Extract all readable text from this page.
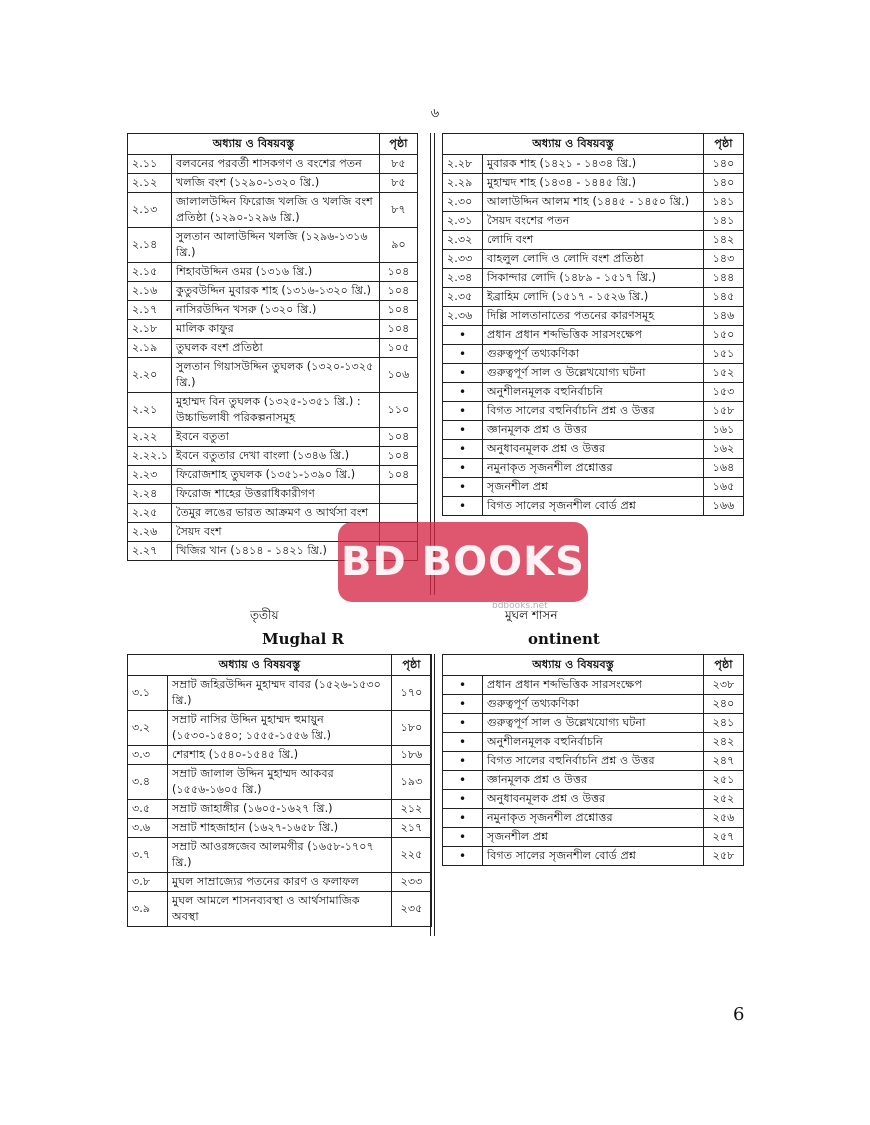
৬
অধ্যায় ও বিষয়বস্তু		পৃষ্ঠা
২.১১	বলবনের পরবর্তী শাসকগণ ও বংশের পতন	৮৫
২.১২	খলজি বংশ (১২৯০-১৩২০ খ্রি.)	৮৫
২.১৩	জালালউদ্দিন ফিরোজ খলজি ও খলজি বংশ প্রতিষ্ঠা (১২৯০-১২৯৬ খ্রি.)	৮৭
২.১৪	সুলতান আলাউদ্দিন খলজি (১২৯৬-১৩১৬ খ্রি.)	৯০
২.১৫	শিহাবউদ্দিন ওমর (১৩১৬ খ্রি.)	১০৪
২.১৬	কুতুবউদ্দিন মুবারক শাহ (১৩১৬-১৩২০ খ্রি.)	১০৪
২.১৭	নাসিরউদ্দিন খসরু (১৩২০ খ্রি.)	১০৪
২.১৮	মালিক কাফুর	১০৪
২.১৯	তুঘলক বংশ প্রতিষ্ঠা	১০৫
২.২০	সুলতান গিয়াসউদ্দিন তুঘলক (১৩২০-১৩২৫ খ্রি.)	১০৬
২.২১	মুহাম্মদ বিন তুঘলক (১৩২৫-১৩৫১ খ্রি.) : উচ্চাভিলাষী পরিকল্পনাসমূহ	১১০
২.২২	ইবনে বতুতা	১০৪
২.২২.১	ইবনে বতুতার দেখা বাংলা (১৩৪৬ খ্রি.)	১০৪
২.২৩	ফিরোজশাহ তুঘলক (১৩৫১-১৩৯০ খ্রি.)	১০৪
২.২৪	ফিরোজ শাহের উত্তরাধিকারীগণ	
২.২৫	তৈমুর লঙের ভারত আক্রমণ ও আর্থসা বংশ	
২.২৬	সৈয়দ বংশ	
২.২৭	খিজির খান (১৪১৪ - ১৪২১ খ্রি.)	
অধ্যায় ও বিষয়বস্তু		পৃষ্ঠা
২.২৮	মুবারক শাহ (১৪২১ - ১৪৩৪ খ্রি.)	১৪০
২.২৯	মুহাম্মদ শাহ (১৪৩৪ - ১৪৪৫ খ্রি.)	১৪০
২.৩০	আলাউদ্দিন আলম শাহ (১৪৪৫ - ১৪৫০ খ্রি.)	১৪১
২.৩১	সৈয়দ বংশের পতন	১৪১
২.৩২	লোদি বংশ	১৪২
২.৩৩	বাহলুল লোদি ও লোদি বংশ প্রতিষ্ঠা	১৪৩
২.৩৪	সিকান্দার লোদি (১৪৮৯ - ১৫১৭ খ্রি.)	১৪৪
২.৩৫	ইব্রাহিম লোদি (১৫১৭ - ১৫২৬ খ্রি.)	১৪৫
২.৩৬	দিল্লি সালতানাতের পতনের কারণসমূহ	১৪৬
•	প্রধান প্রধান শব্দভিত্তিক সারসংক্ষেপ	১৫০
•	গুরুত্বপূর্ণ তথ্যকণিকা	১৫১
•	গুরুত্বপূর্ণ সাল ও উল্লেখযোগ্য ঘটনা	১৫২
•	অনুশীলনমূলক বহুনির্বাচনি	১৫৩
•	বিগত সালের বহুনির্বাচনি প্রশ্ন ও উত্তর	১৫৮
•	জ্ঞানমূলক প্রশ্ন ও উত্তর	১৬১
•	অনুধাবনমূলক প্রশ্ন ও উত্তর	১৬২
•	নমুনাকৃত সৃজনশীল প্রশ্নোত্তর	১৬৪
•	সৃজনশীল প্রশ্ন	১৬৫
•	বিগত সালের সৃজনশীল বোর্ড প্রশ্ন	১৬৬
তৃতীয়
Mughal R
মুঘল শাসন
ontinent
অধ্যায় ও বিষয়বস্তু		পৃষ্ঠা
৩.১	সম্রাট জহিরউদ্দিন মুহাম্মদ বাবর (১৫২৬-১৫৩০ খ্রি.)	১৭০
৩.২	সম্রাট নাসির উদ্দিন মুহাম্মদ হুমায়ুন (১৫৩০-১৫৪০; ১৫৫৫-১৫৫৬ খ্রি.)	১৮০
৩.৩	শেরশাহ (১৫৪০-১৫৪৫ খ্রি.)	১৮৬
৩.৪	সম্রাট জালাল উদ্দিন মুহাম্মদ আকবর (১৫৫৬-১৬০৫ খ্রি.)	১৯৩
৩.৫	সম্রাট জাহাঙ্গীর (১৬০৫-১৬২৭ খ্রি.)	২১২
৩.৬	সম্রাট শাহজাহান (১৬২৭-১৬৫৮ খ্রি.)	২১৭
৩.৭	সম্রাট আওরঙ্গজেব আলমগীর (১৬৫৮-১৭০৭ খ্রি.)	২২৫
৩.৮	মুঘল সাম্রাজ্যের পতনের কারণ ও ফলাফল	২৩৩
৩.৯	মুঘল আমলে শাসনব্যবস্থা ও আর্থসামাজিক অবস্থা	২৩৫
অধ্যায় ও বিষয়বস্তু		পৃষ্ঠা
•	প্রধান প্রধান শব্দভিত্তিক সারসংক্ষেপ	২৩৮
•	গুরুত্বপূর্ণ তথ্যকণিকা	২৪০
•	গুরুত্বপূর্ণ সাল ও উল্লেখযোগ্য ঘটনা	২৪১
•	অনুশীলনমূলক বহুনির্বাচনি	২৪২
•	বিগত সালের বহুনির্বাচনি প্রশ্ন ও উত্তর	২৪৭
•	জ্ঞানমূলক প্রশ্ন ও উত্তর	২৫১
•	অনুধাবনমূলক প্রশ্ন ও উত্তর	২৫২
•	নমুনাকৃত সৃজনশীল প্রশ্নোত্তর	২৫৬
•	সৃজনশীল প্রশ্ন	২৫৭
•	বিগত সালের সৃজনশীল বোর্ড প্রশ্ন	২৫৮
BD BOOKS
bdbooks.net
6
